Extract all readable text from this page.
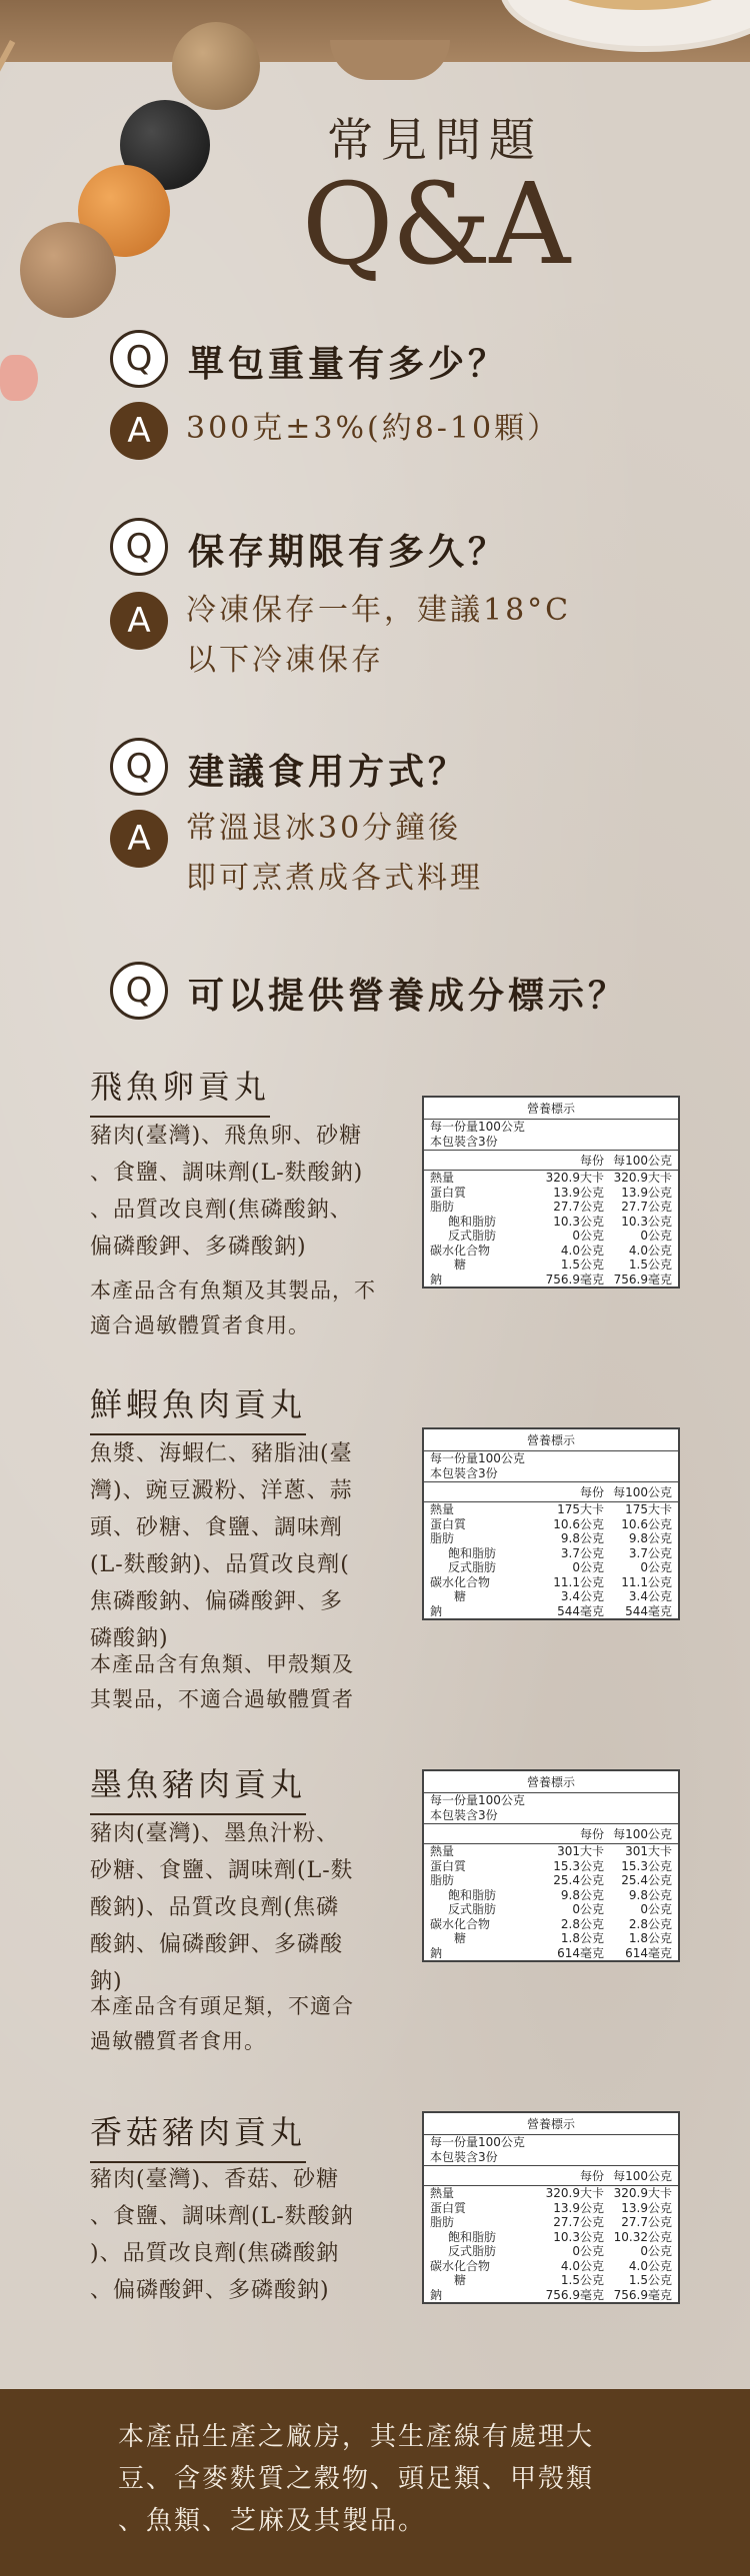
常見問題
Q&A
Q 單包重量有多少？
A	300克±3%(約8-10顆）
Q 保存期限有多久？
A	冷凍保存一年，建議18°C
以下冷凍保存
Q 建議食用方式？
A	常溫退冰30分鐘後
即可烹煮成各式料理
Q 可以提供營養成分標示？
飛魚卵貢丸
豬肉(臺灣)、飛魚卵、砂糖
、食鹽、調味劑(L-麩酸鈉)
、品質改良劑(焦磷酸鈉、
偏磷酸鉀、多磷酸鈉)
本產品含有魚類及其製品，不
適合過敏體質者食用。
營養標示
每一份量100公克
本包裝含3份
每份 每100公克
熱量	320.9大卡 320.9大卡
蛋白質	13.9公克	13.9公克
脂肪	27.7公克	27.7公克
飽和脂肪	10.3公克	10.3公克
反式脂肪	0公克	0公克
碳水化合物	4.0公克	4.0公克
糖	1.5公克	1.5公克
鈉	756.9毫克 756.9毫克
鮮蝦魚肉貢丸
魚漿、海蝦仁、豬脂油(臺
灣)、豌豆澱粉、洋蔥、蒜
頭、砂糖、食鹽、調味劑
(L-麩酸鈉)、品質改良劑(
焦磷酸鈉、偏磷酸鉀、多
磷酸鈉)
本產品含有魚類、甲殼類及
其製品，不適合過敏體質者
營養標示
每一份量100公克
本包裝含3份
每份 每100公克
熱量	175大卡	175大卡
蛋白質	10.6公克	10.6公克
脂肪	9.8公克	9.8公克
飽和脂肪	3.7公克	3.7公克
反式脂肪	0公克	0公克
碳水化合物	11.1公克	11.1公克
糖	3.4公克	3.4公克
鈉	544毫克	544毫克
墨魚豬肉貢丸
豬肉(臺灣)、墨魚汁粉、
砂糖、食鹽、調味劑(L-麩
酸鈉)、品質改良劑(焦磷
酸鈉、偏磷酸鉀、多磷酸
鈉)
本產品含有頭足類，不適合
過敏體質者食用。
營養標示
每一份量100公克
本包裝含3份
每份 每100公克
熱量	301大卡	301大卡
蛋白質	15.3公克	15.3公克
脂肪	25.4公克	25.4公克
飽和脂肪	9.8公克	9.8公克
反式脂肪	0公克	0公克
碳水化合物	2.8公克	2.8公克
糖	1.8公克	1.8公克
鈉	614毫克	614毫克
香菇豬肉貢丸
豬肉(臺灣)、香菇、砂糖
、食鹽、調味劑(L-麩酸鈉
)、品質改良劑(焦磷酸鈉
、偏磷酸鉀、多磷酸鈉)
營養標示
每一份量100公克
本包裝含3份
每份 每100公克
熱量	320.9大卡 320.9大卡
蛋白質	13.9公克	13.9公克
脂肪	27.7公克	27.7公克
飽和脂肪	10.3公克 10.32公克
反式脂肪	0公克	0公克
碳水化合物	4.0公克	4.0公克
糖	1.5公克	1.5公克
鈉	756.9毫克 756.9毫克
本產品生產之廠房，其生產線有處理大
豆、含麥麩質之穀物、頭足類、甲殼類
、魚類、芝麻及其製品。
